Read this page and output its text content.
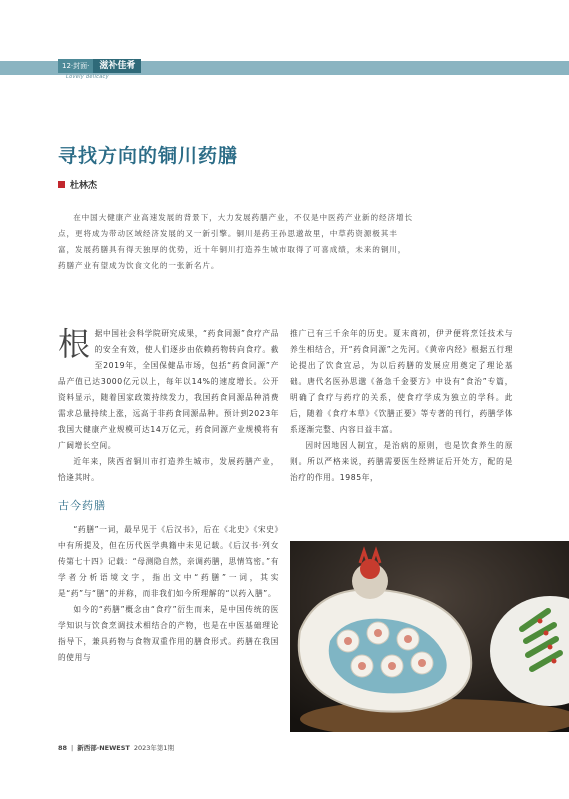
12·封面·	滋补佳肴
Lovely delicacy
寻找方向的铜川药膳
杜林杰

在中国大健康产业高速发展的背景下，大力发展药膳产业，不仅是中医药产业新的经济增长点，更将成为带动区域经济发展的又一新引擎。铜川是药王孙思邈故里，中草药资源极其丰富，发展药膳具有得天独厚的优势，近十年铜川打造养生城市取得了可喜成绩，未来的铜川，药膳产业有望成为饮食文化的一张新名片。

根据中国社会科学院研究成果，“药食同源”食疗产品的安全有效，使人们逐步由依赖药物转向食疗。截至2019年，全国保健品市场，包括“药食同源”产品产值已达3000亿元以上，每年以14%的速度增长。公开资料显示，随着国家政策持续发力，我国药食同源品种消费需求总量持续上涨，远高于非药食同源品种。预计到2023年我国大健康产业规模可达14万亿元，药食同源产业规模将有广阔增长空间。

近年来，陕西省铜川市打造养生城市，发展药膳产业，恰逢其时。

古今药膳

“药膳”一词，最早见于《后汉书》，后在《北史》《宋史》中有所提及，但在历代医学典籍中未见记载。《后汉书·列女传第七十四》记载：“母测隐自然，亲调药膳，思情笃密。”有学者分析语境文字，指出文中“药膳”一词，其实是“药”与“膳”的并称，而非我们如今所理解的“以药入膳”。

如今的“药膳”概念由“食疗”衍生而来，是中国传统的医学知识与饮食烹调技术相结合的产物，也是在中医基础理论指导下，兼具药物与食物双重作用的膳食形式。药膳在我国的使用与

推广已有三千余年的历史。夏末商初，伊尹便将烹饪技术与养生相结合，开“药食同源”之先河。《黄帝内经》根据五行理论提出了饮食宜忌，为以后药膳的发展应用奠定了理论基础。唐代名医孙思邈《备急千金要方》中设有“食治”专篇，明确了食疗与药疗的关系，使食疗学成为独立的学科。此后，随着《食疗本草》《饮膳正要》等专著的刊行，药膳学体系逐渐完整、内容日益丰富。

因时因地因人制宜，是治病的原则，也是饮食养生的原则。所以严格来说，药膳需要医生经辨证后开处方，配的是治疗的作用。1985年，

88 | 新西部·NEWEST 2023年第1期
